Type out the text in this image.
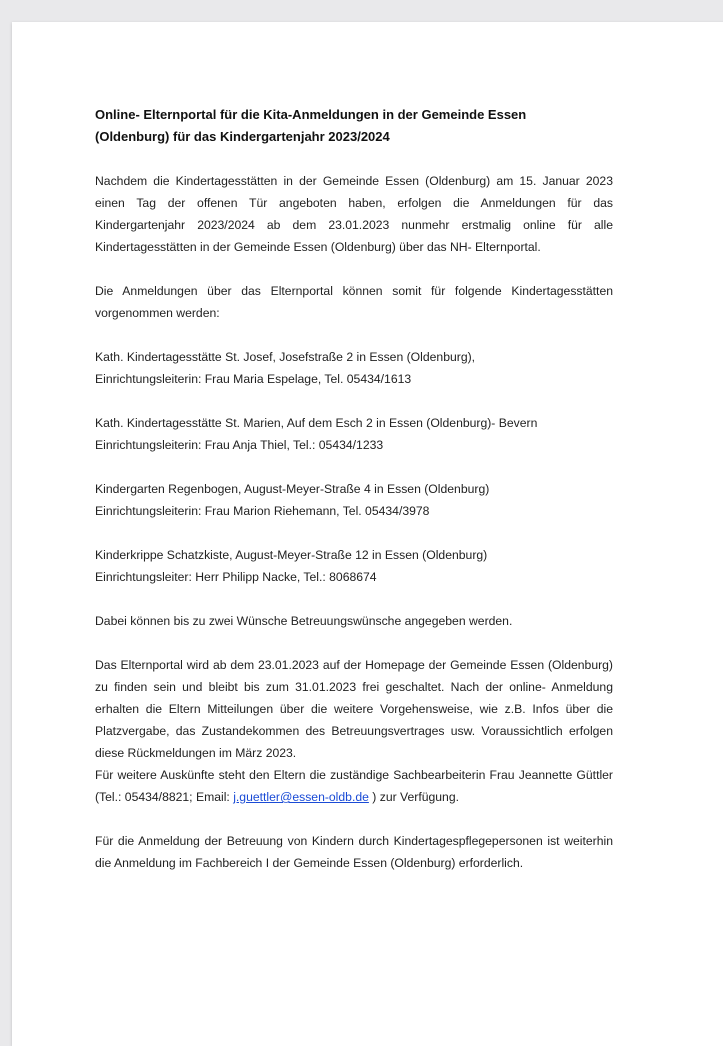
Online- Elternportal für die Kita-Anmeldungen in der Gemeinde Essen
(Oldenburg) für das Kindergartenjahr 2023/2024

Nachdem die Kindertagesstätten in der Gemeinde Essen (Oldenburg) am 15. Januar 2023
einen Tag der offenen Tür angeboten haben, erfolgen die Anmeldungen für das
Kindergartenjahr 2023/2024 ab dem 23.01.2023 nunmehr erstmalig online für alle
Kindertagesstätten in der Gemeinde Essen (Oldenburg) über das NH- Elternportal.

Die Anmeldungen über das Elternportal können somit für folgende Kindertagesstätten
vorgenommen werden:

Kath. Kindertagesstätte St. Josef, Josefstraße 2 in Essen (Oldenburg),
Einrichtungsleiterin: Frau Maria Espelage, Tel. 05434/1613

Kath. Kindertagesstätte St. Marien, Auf dem Esch 2 in Essen (Oldenburg)- Bevern
Einrichtungsleiterin: Frau Anja Thiel, Tel.: 05434/1233

Kindergarten Regenbogen, August-Meyer-Straße 4 in Essen (Oldenburg)
Einrichtungsleiterin: Frau Marion Riehemann, Tel. 05434/3978

Kinderkrippe Schatzkiste, August-Meyer-Straße 12 in Essen (Oldenburg)
Einrichtungsleiter: Herr Philipp Nacke, Tel.: 8068674

Dabei können bis zu zwei Wünsche Betreuungswünsche angegeben werden.

Das Elternportal wird ab dem 23.01.2023 auf der Homepage der Gemeinde Essen (Oldenburg)
zu finden sein und bleibt bis zum 31.01.2023 frei geschaltet. Nach der online- Anmeldung
erhalten die Eltern Mitteilungen über die weitere Vorgehensweise, wie z.B. Infos über die
Platzvergabe, das Zustandekommen des Betreuungsvertrages usw. Voraussichtlich erfolgen
diese Rückmeldungen im März 2023.
Für weitere Auskünfte steht den Eltern die zuständige Sachbearbeiterin Frau Jeannette Güttler
(Tel.: 05434/8821; Email: j.guettler@essen-oldb.de ) zur Verfügung.

Für die Anmeldung der Betreuung von Kindern durch Kindertagespflegepersonen ist weiterhin
die Anmeldung im Fachbereich I der Gemeinde Essen (Oldenburg) erforderlich.
